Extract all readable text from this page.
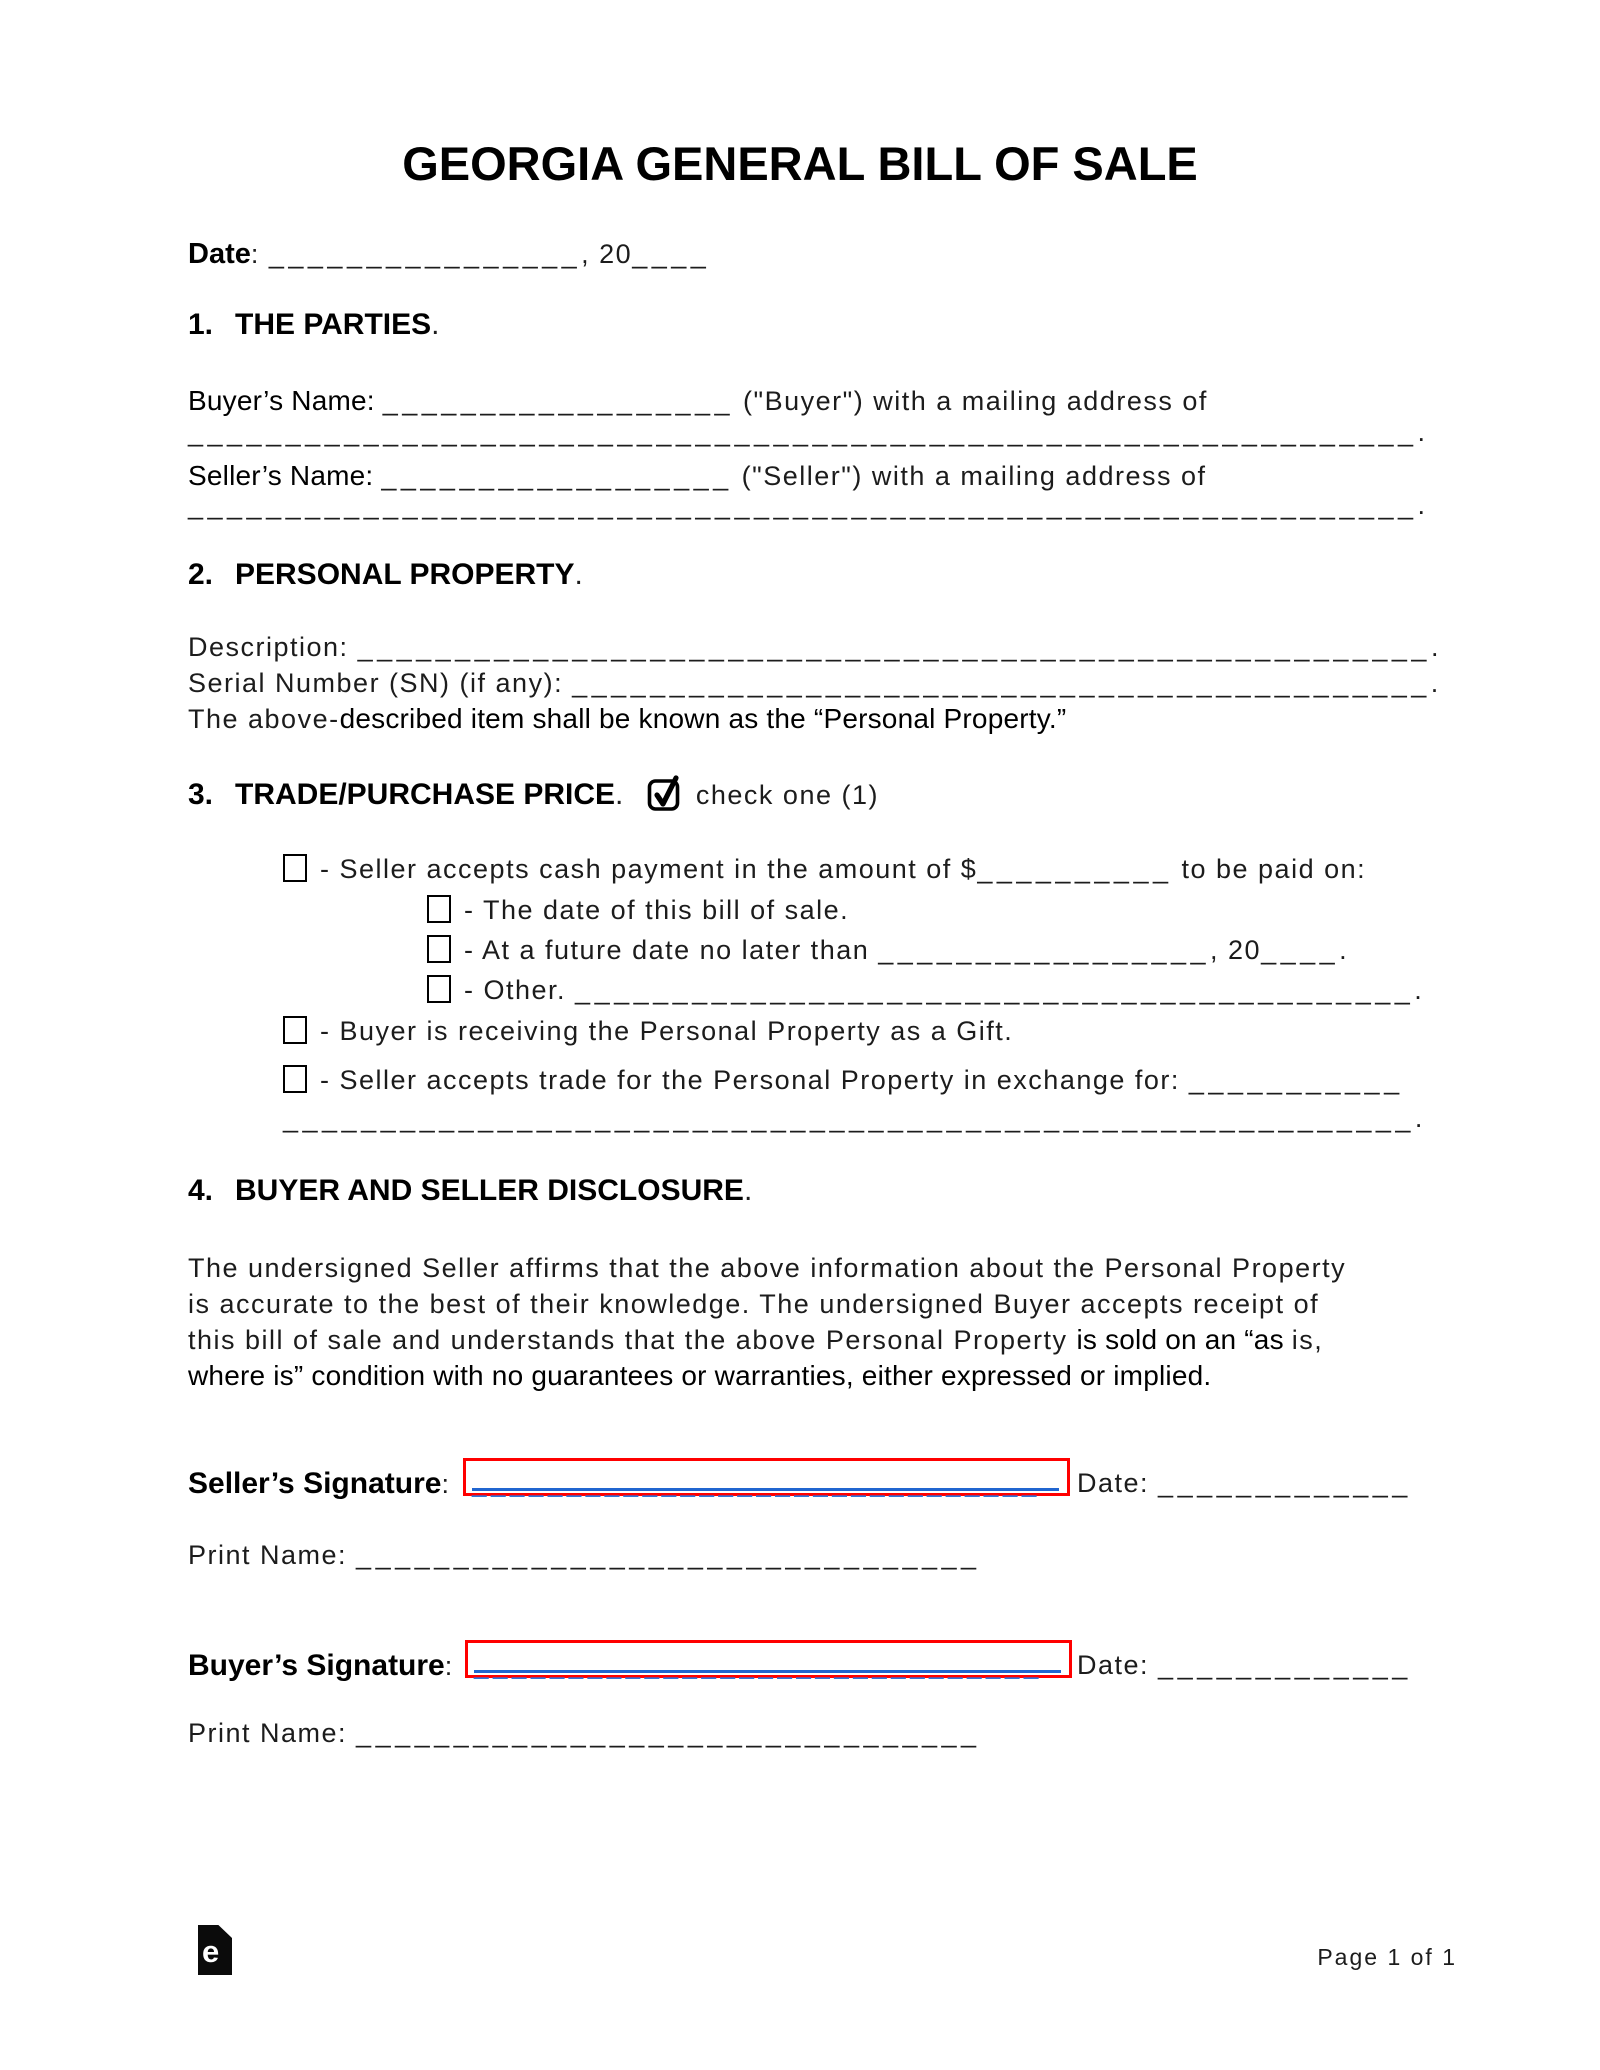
GEORGIA GENERAL BILL OF SALE
Date: ________________, 20____
1. THE PARTIES.
Buyer’s Name: __________________ ("Buyer") with a mailing address of
_______________________________________________________________.
Seller’s Name: __________________ ("Seller") with a mailing address of
_______________________________________________________________.
2. PERSONAL PROPERTY.
Description: _______________________________________________________.
Serial Number (SN) (if any): ____________________________________________.
The above-described item shall be known as the “Personal Property.”
3. TRADE/PURCHASE PRICE.	check one (1)
- Seller accepts cash payment in the amount of $__________ to be paid on:
- The date of this bill of sale.
- At a future date no later than _________________, 20____.
- Other. ___________________________________________.
- Buyer is receiving the Personal Property as a Gift.
- Seller accepts trade for the Personal Property in exchange for: ___________
__________________________________________________________.
4. BUYER AND SELLER DISCLOSURE.
The undersigned Seller affirms that the above information about the Personal Property
is accurate to the best of their knowledge. The undersigned Buyer accepts receipt of
this bill of sale and understands that the above Personal Property is sold on an “as is,
where is” condition with no guarantees or warranties, either expressed or implied.
Seller’s Signature: ______________________________ Date: _____________
Print Name: ________________________________
Buyer’s Signature: ______________________________ Date: _____________
Print Name: ________________________________
e	Page 1 of 1
